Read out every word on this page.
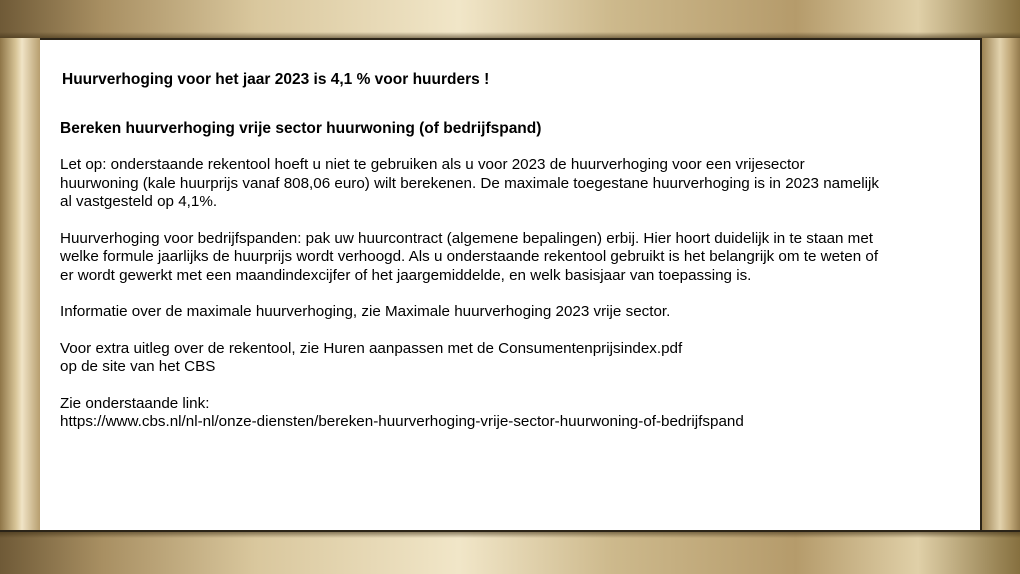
Huurverhoging voor het jaar 2023 is 4,1 % voor huurders !
Bereken huurverhoging vrije sector huurwoning (of bedrijfspand)

Let op: onderstaande rekentool hoeft u niet te gebruiken als u voor 2023 de huurverhoging voor een vrijesector
huurwoning (kale huurprijs vanaf 808,06 euro) wilt berekenen. De maximale toegestane huurverhoging is in 2023 namelijk
al vastgesteld op 4,1%.

Huurverhoging voor bedrijfspanden: pak uw huurcontract (algemene bepalingen) erbij. Hier hoort duidelijk in te staan met
welke formule jaarlijks de huurprijs wordt verhoogd. Als u onderstaande rekentool gebruikt is het belangrijk om te weten of
er wordt gewerkt met een maandindexcijfer of het jaargemiddelde, en welk basisjaar van toepassing is.

Informatie over de maximale huurverhoging, zie Maximale huurverhoging 2023 vrije sector.

Voor extra uitleg over de rekentool, zie Huren aanpassen met de Consumentenprijsindex.pdf
op de site van het CBS

Zie onderstaande link:
https://www.cbs.nl/nl-nl/onze-diensten/bereken-huurverhoging-vrije-sector-huurwoning-of-bedrijfspand
